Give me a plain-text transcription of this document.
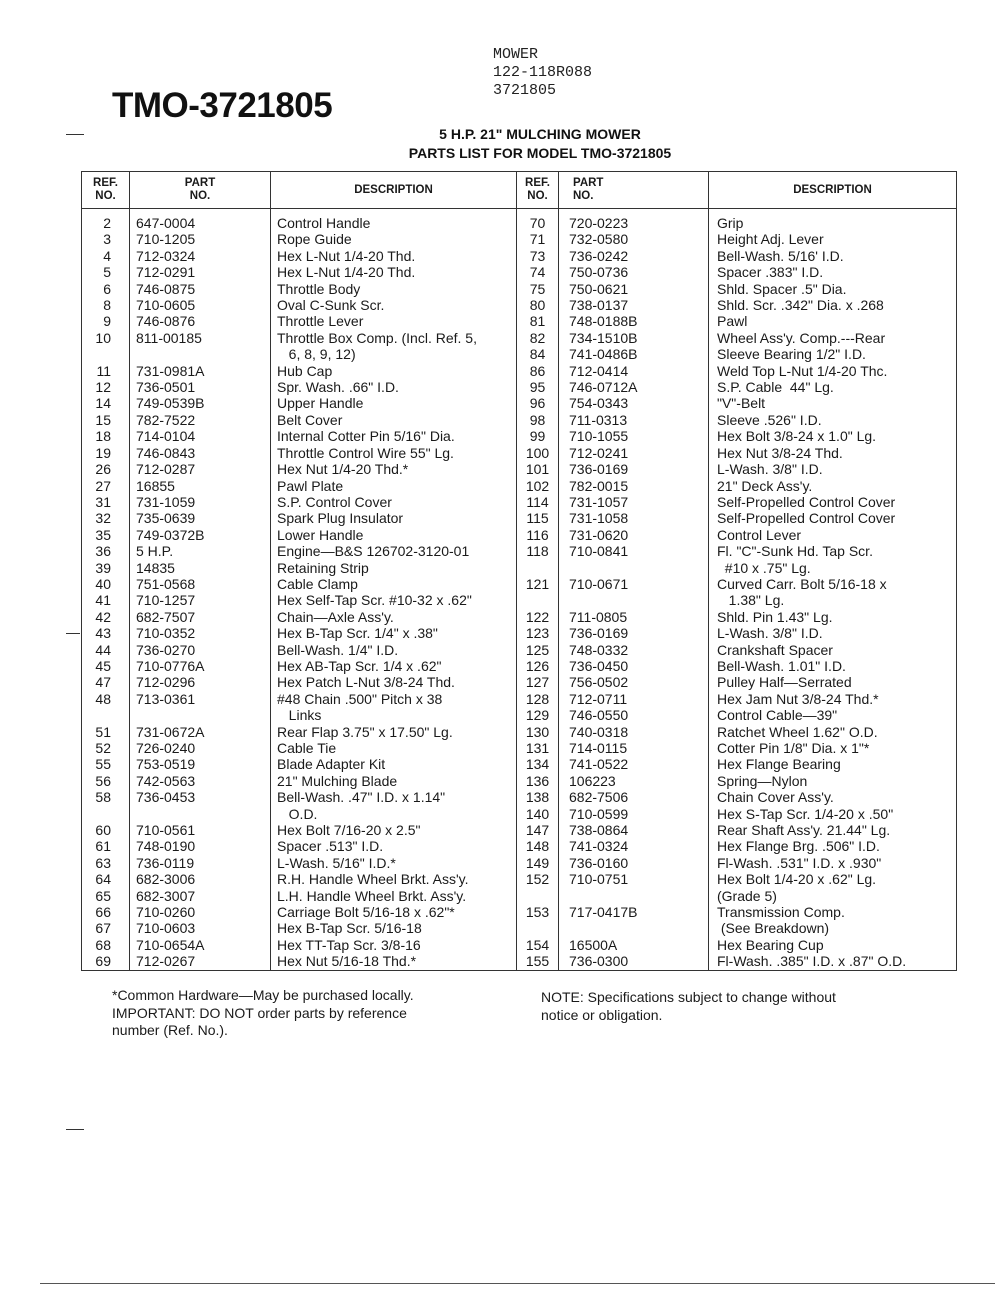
MOWER
122-118R088
3721805
TMO-3721805
5 H.P. 21" MULCHING MOWER
PARTS LIST FOR MODEL TMO-3721805
REF.
NO.	PART
NO.	DESCRIPTION	REF.
NO.	PART
NO.	DESCRIPTION
2	647-0004	Control Handle	70	720-0223	Grip
3	710-1205	Rope Guide	71	732-0580	Height Adj. Lever
4	712-0324	Hex L-Nut 1/4-20 Thd.	73	736-0242	Bell-Wash. 5/16' I.D.
5	712-0291	Hex L-Nut 1/4-20 Thd.	74	750-0736	Spacer .383" I.D.
6	746-0875	Throttle Body	75	750-0621	Shld. Spacer .5" Dia.
8	710-0605	Oval C-Sunk Scr.	80	738-0137	Shld. Scr. .342" Dia. x .268
9	746-0876	Throttle Lever	81	748-0188B	Pawl
10	811-00185	Throttle Box Comp. (Incl. Ref. 5,	82	734-1510B	Wheel Ass'y. Comp.---Rear
		6, 8, 9, 12)	84	741-0486B	Sleeve Bearing 1/2" I.D.
11	731-0981A	Hub Cap	86	712-0414	Weld Top L-Nut 1/4-20 Thc.
12	736-0501	Spr. Wash. .66" I.D.	95	746-0712A	S.P. Cable  44" Lg.
14	749-0539B	Upper Handle	96	754-0343	"V"-Belt
15	782-7522	Belt Cover	98	711-0313	Sleeve .526" I.D.
18	714-0104	Internal Cotter Pin 5/16" Dia.	99	710-1055	Hex Bolt 3/8-24 x 1.0" Lg.
19	746-0843	Throttle Control Wire 55" Lg.	100	712-0241	Hex Nut 3/8-24 Thd.
26	712-0287	Hex Nut 1/4-20 Thd.*	101	736-0169	L-Wash. 3/8" I.D.
27	16855	Pawl Plate	102	782-0015	21" Deck Ass'y.
31	731-1059	S.P. Control Cover	114	731-1057	Self-Propelled Control Cover
32	735-0639	Spark Plug Insulator	115	731-1058	Self-Propelled Control Cover
35	749-0372B	Lower Handle	116	731-0620	Control Lever
36	5 H.P.	Engine—B&S 126702-3120-01	118	710-0841	Fl. "C"-Sunk Hd. Tap Scr.
39	14835	Retaining Strip			#10 x .75" Lg.
40	751-0568	Cable Clamp	121	710-0671	Curved Carr. Bolt 5/16-18 x
41	710-1257	Hex Self-Tap Scr. #10-32 x .62"			1.38" Lg.
42	682-7507	Chain—Axle Ass'y.	122	711-0805	Shld. Pin 1.43" Lg.
43	710-0352	Hex B-Tap Scr. 1/4" x .38"	123	736-0169	L-Wash. 3/8" I.D.
44	736-0270	Bell-Wash. 1/4" I.D.	125	748-0332	Crankshaft Spacer
45	710-0776A	Hex AB-Tap Scr. 1/4 x .62"	126	736-0450	Bell-Wash. 1.01" I.D.
47	712-0296	Hex Patch L-Nut 3/8-24 Thd.	127	756-0502	Pulley Half—Serrated
48	713-0361	#48 Chain .500" Pitch x 38	128	712-0711	Hex Jam Nut 3/8-24 Thd.*
		Links	129	746-0550	Control Cable—39"
51	731-0672A	Rear Flap 3.75" x 17.50" Lg.	130	740-0318	Ratchet Wheel 1.62" O.D.
52	726-0240	Cable Tie	131	714-0115	Cotter Pin 1/8" Dia. x 1"*
55	753-0519	Blade Adapter Kit	134	741-0522	Hex Flange Bearing
56	742-0563	21" Mulching Blade	136	106223	Spring—Nylon
58	736-0453	Bell-Wash. .47" I.D. x 1.14"	138	682-7506	Chain Cover Ass'y.
		O.D.	140	710-0599	Hex S-Tap Scr. 1/4-20 x .50"
60	710-0561	Hex Bolt 7/16-20 x 2.5"	147	738-0864	Rear Shaft Ass'y. 21.44" Lg.
61	748-0190	Spacer .513" I.D.	148	741-0324	Hex Flange Brg. .506" I.D.
63	736-0119	L-Wash. 5/16" I.D.*	149	736-0160	Fl-Wash. .531" I.D. x .930"
64	682-3006	R.H. Handle Wheel Brkt. Ass'y.	152	710-0751	Hex Bolt 1/4-20 x .62" Lg.
65	682-3007	L.H. Handle Wheel Brkt. Ass'y.			(Grade 5)
66	710-0260	Carriage Bolt 5/16-18 x .62"*	153	717-0417B	Transmission Comp.
67	710-0603	Hex B-Tap Scr. 5/16-18			(See Breakdown)
68	710-0654A	Hex TT-Tap Scr. 3/8-16	154	16500A	Hex Bearing Cup
69	712-0267	Hex Nut 5/16-18 Thd.*	155	736-0300	Fl-Wash. .385" I.D. x .87" O.D.
*Common Hardware—May be purchased locally.
IMPORTANT: DO NOT order parts by reference
number (Ref. No.).
NOTE: Specifications subject to change without
notice or obligation.
